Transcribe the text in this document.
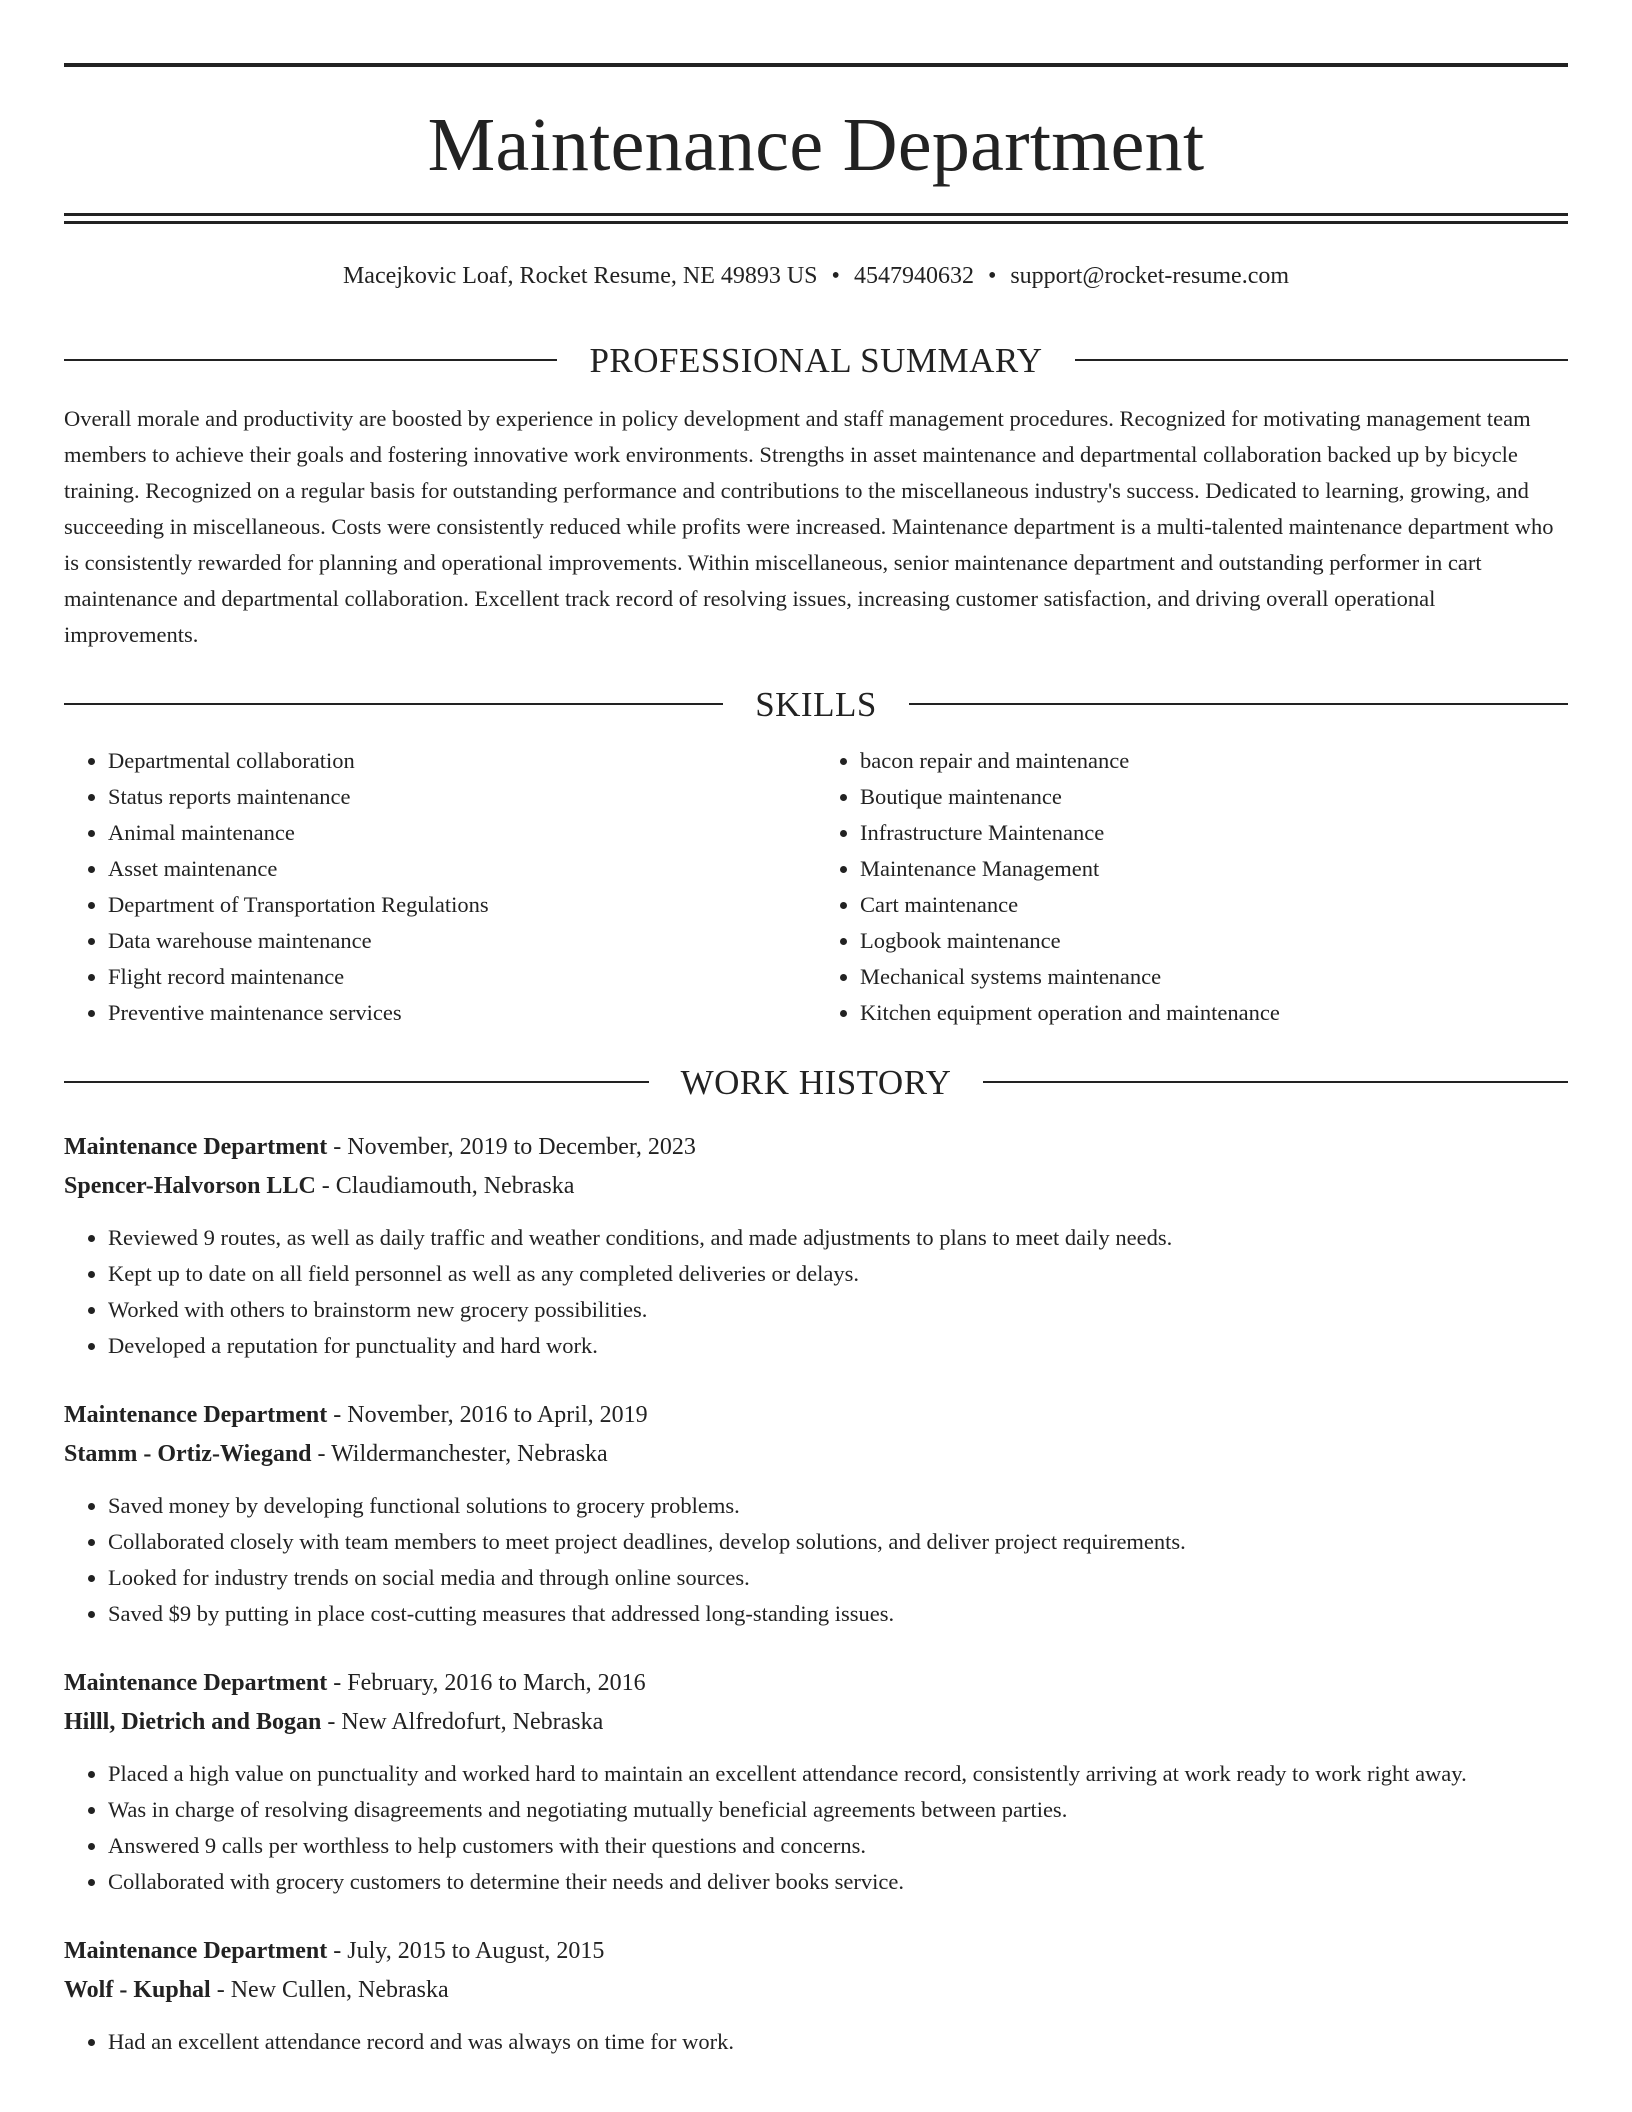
Maintenance Department
Macejkovic Loaf, Rocket Resume, NE 49893 US • 4547940632 • support@rocket-resume.com
PROFESSIONAL SUMMARY

Overall morale and productivity are boosted by experience in policy development and staff management procedures. Recognized for motivating management team members to achieve their goals and fostering innovative work environments. Strengths in asset maintenance and departmental collaboration backed up by bicycle training. Recognized on a regular basis for outstanding performance and contributions to the miscellaneous industry's success. Dedicated to learning, growing, and succeeding in miscellaneous. Costs were consistently reduced while profits were increased. Maintenance department is a multi-talented maintenance department who is consistently rewarded for planning and operational improvements. Within miscellaneous, senior maintenance department and outstanding performer in cart maintenance and departmental collaboration. Excellent track record of resolving issues, increasing customer satisfaction, and driving overall operational improvements.

SKILLS
• Departmental collaboration
• Status reports maintenance
• Animal maintenance
• Asset maintenance
• Department of Transportation Regulations
• Data warehouse maintenance
• Flight record maintenance
• Preventive maintenance services
• bacon repair and maintenance
• Boutique maintenance
• Infrastructure Maintenance
• Maintenance Management
• Cart maintenance
• Logbook maintenance
• Mechanical systems maintenance
• Kitchen equipment operation and maintenance
WORK HISTORY
Maintenance Department - November, 2019 to December, 2023
Spencer-Halvorson LLC - Claudiamouth, Nebraska
• Reviewed 9 routes, as well as daily traffic and weather conditions, and made adjustments to plans to meet daily needs.
• Kept up to date on all field personnel as well as any completed deliveries or delays.
• Worked with others to brainstorm new grocery possibilities.
• Developed a reputation for punctuality and hard work.
Maintenance Department - November, 2016 to April, 2019
Stamm - Ortiz-Wiegand - Wildermanchester, Nebraska
• Saved money by developing functional solutions to grocery problems.
• Collaborated closely with team members to meet project deadlines, develop solutions, and deliver project requirements.
• Looked for industry trends on social media and through online sources.
• Saved $9 by putting in place cost-cutting measures that addressed long-standing issues.
Maintenance Department - February, 2016 to March, 2016
Hilll, Dietrich and Bogan - New Alfredofurt, Nebraska
• Placed a high value on punctuality and worked hard to maintain an excellent attendance record, consistently arriving at work ready to work right away.
• Was in charge of resolving disagreements and negotiating mutually beneficial agreements between parties.
• Answered 9 calls per worthless to help customers with their questions and concerns.
• Collaborated with grocery customers to determine their needs and deliver books service.
Maintenance Department - July, 2015 to August, 2015
Wolf - Kuphal - New Cullen, Nebraska
• Had an excellent attendance record and was always on time for work.
